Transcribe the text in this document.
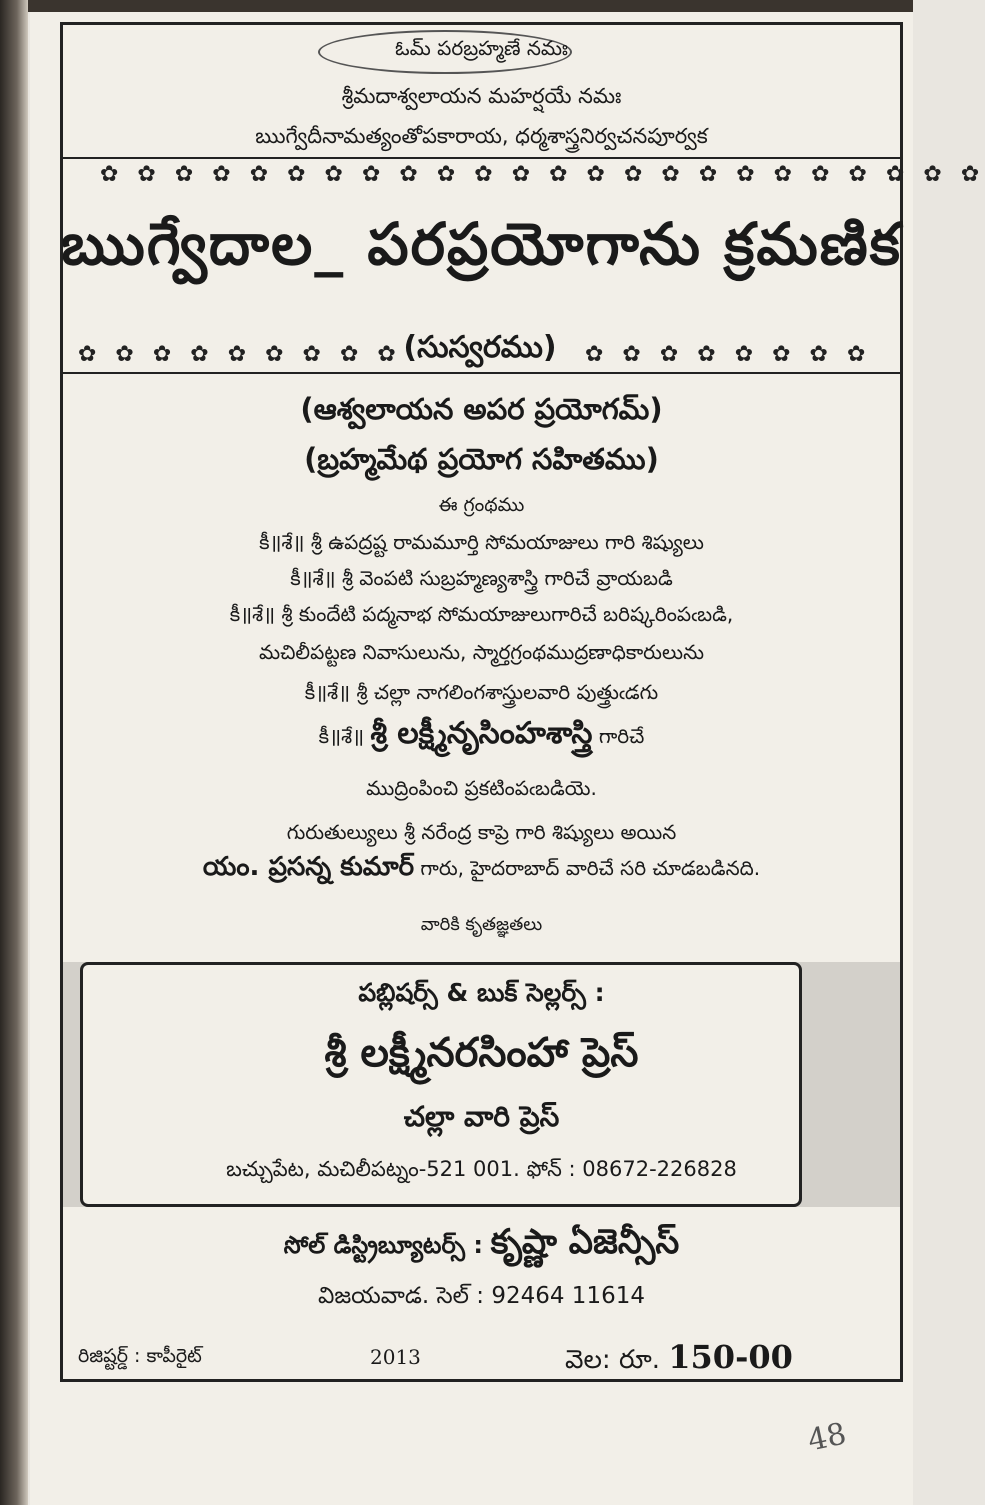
ఓమ్ పరబ్రహ్మణే నమః
శ్రీమదాశ్వలాయన మహర్షయే నమః
ఋగ్వేదీనామత్యంతోపకారాయ, ధర్మశాస్త్రనిర్వచనపూర్వక
✿ ✿ ✿ ✿ ✿ ✿ ✿ ✿ ✿ ✿ ✿ ✿ ✿ ✿ ✿ ✿ ✿ ✿ ✿ ✿ ✿ ✿ ✿ ✿
ఋగ్వేదాల_ పరప్రయోగాను క్రమణిక
✿ ✿ ✿ ✿ ✿ ✿ ✿ ✿ ✿ (సుస్వరము)	✿ ✿ ✿ ✿ ✿ ✿ ✿ ✿
(ఆశ్వలాయన అపర ప్రయోగమ్)
(బ్రహ్మమేథ ప్రయోగ సహితము)
ఈ గ్రంథము
కీ॥శే॥ శ్రీ ఉపద్రష్ట రామమూర్తి సోమయాజులు గారి శిష్యులు
కీ॥శే॥ శ్రీ వెంపటి సుబ్రహ్మణ్యశాస్త్రి గారిచే వ్రాయబడి
కీ॥శే॥ శ్రీ కుందేటి పద్మనాభ సోమయాజులుగారిచే బరిష్కరింపఁబడి,
మచిలీపట్టణ నివాసులును, స్మార్తగ్రంథముద్రణాధికారులును
కీ॥శే॥ శ్రీ చల్లా నాగలింగశాస్త్రులవారి పుత్త్రుఁడగు
కీ॥శే॥ శ్రీ లక్ష్మీనృసింహశాస్త్రి గారిచే
ముద్రింపించి ప్రకటింపఁబడియె.
గురుతుల్యులు శ్రీ నరేంద్ర కాప్రె గారి శిష్యులు అయిన
యం. ప్రసన్న కుమార్ గారు, హైదరాబాద్ వారిచే సరి చూడబడినది.
వారికి కృతజ్ఞతలు
పబ్లిషర్స్ & బుక్ సెల్లర్స్ :
శ్రీ లక్ష్మీనరసింహా ప్రెస్
చల్లా వారి ప్రెస్
బచ్చుపేట, మచిలీపట్నం-521 001. ఫోన్ : 08672-226828
సోల్ డిస్ట్రిబ్యూటర్స్ : కృష్ణా ఏజెన్సీస్
విజయవాడ. సెల్ : 92464 11614
రిజిష్టర్డ్ : కాపీరైట్	2013	వెల: రూ. 150-00
48
